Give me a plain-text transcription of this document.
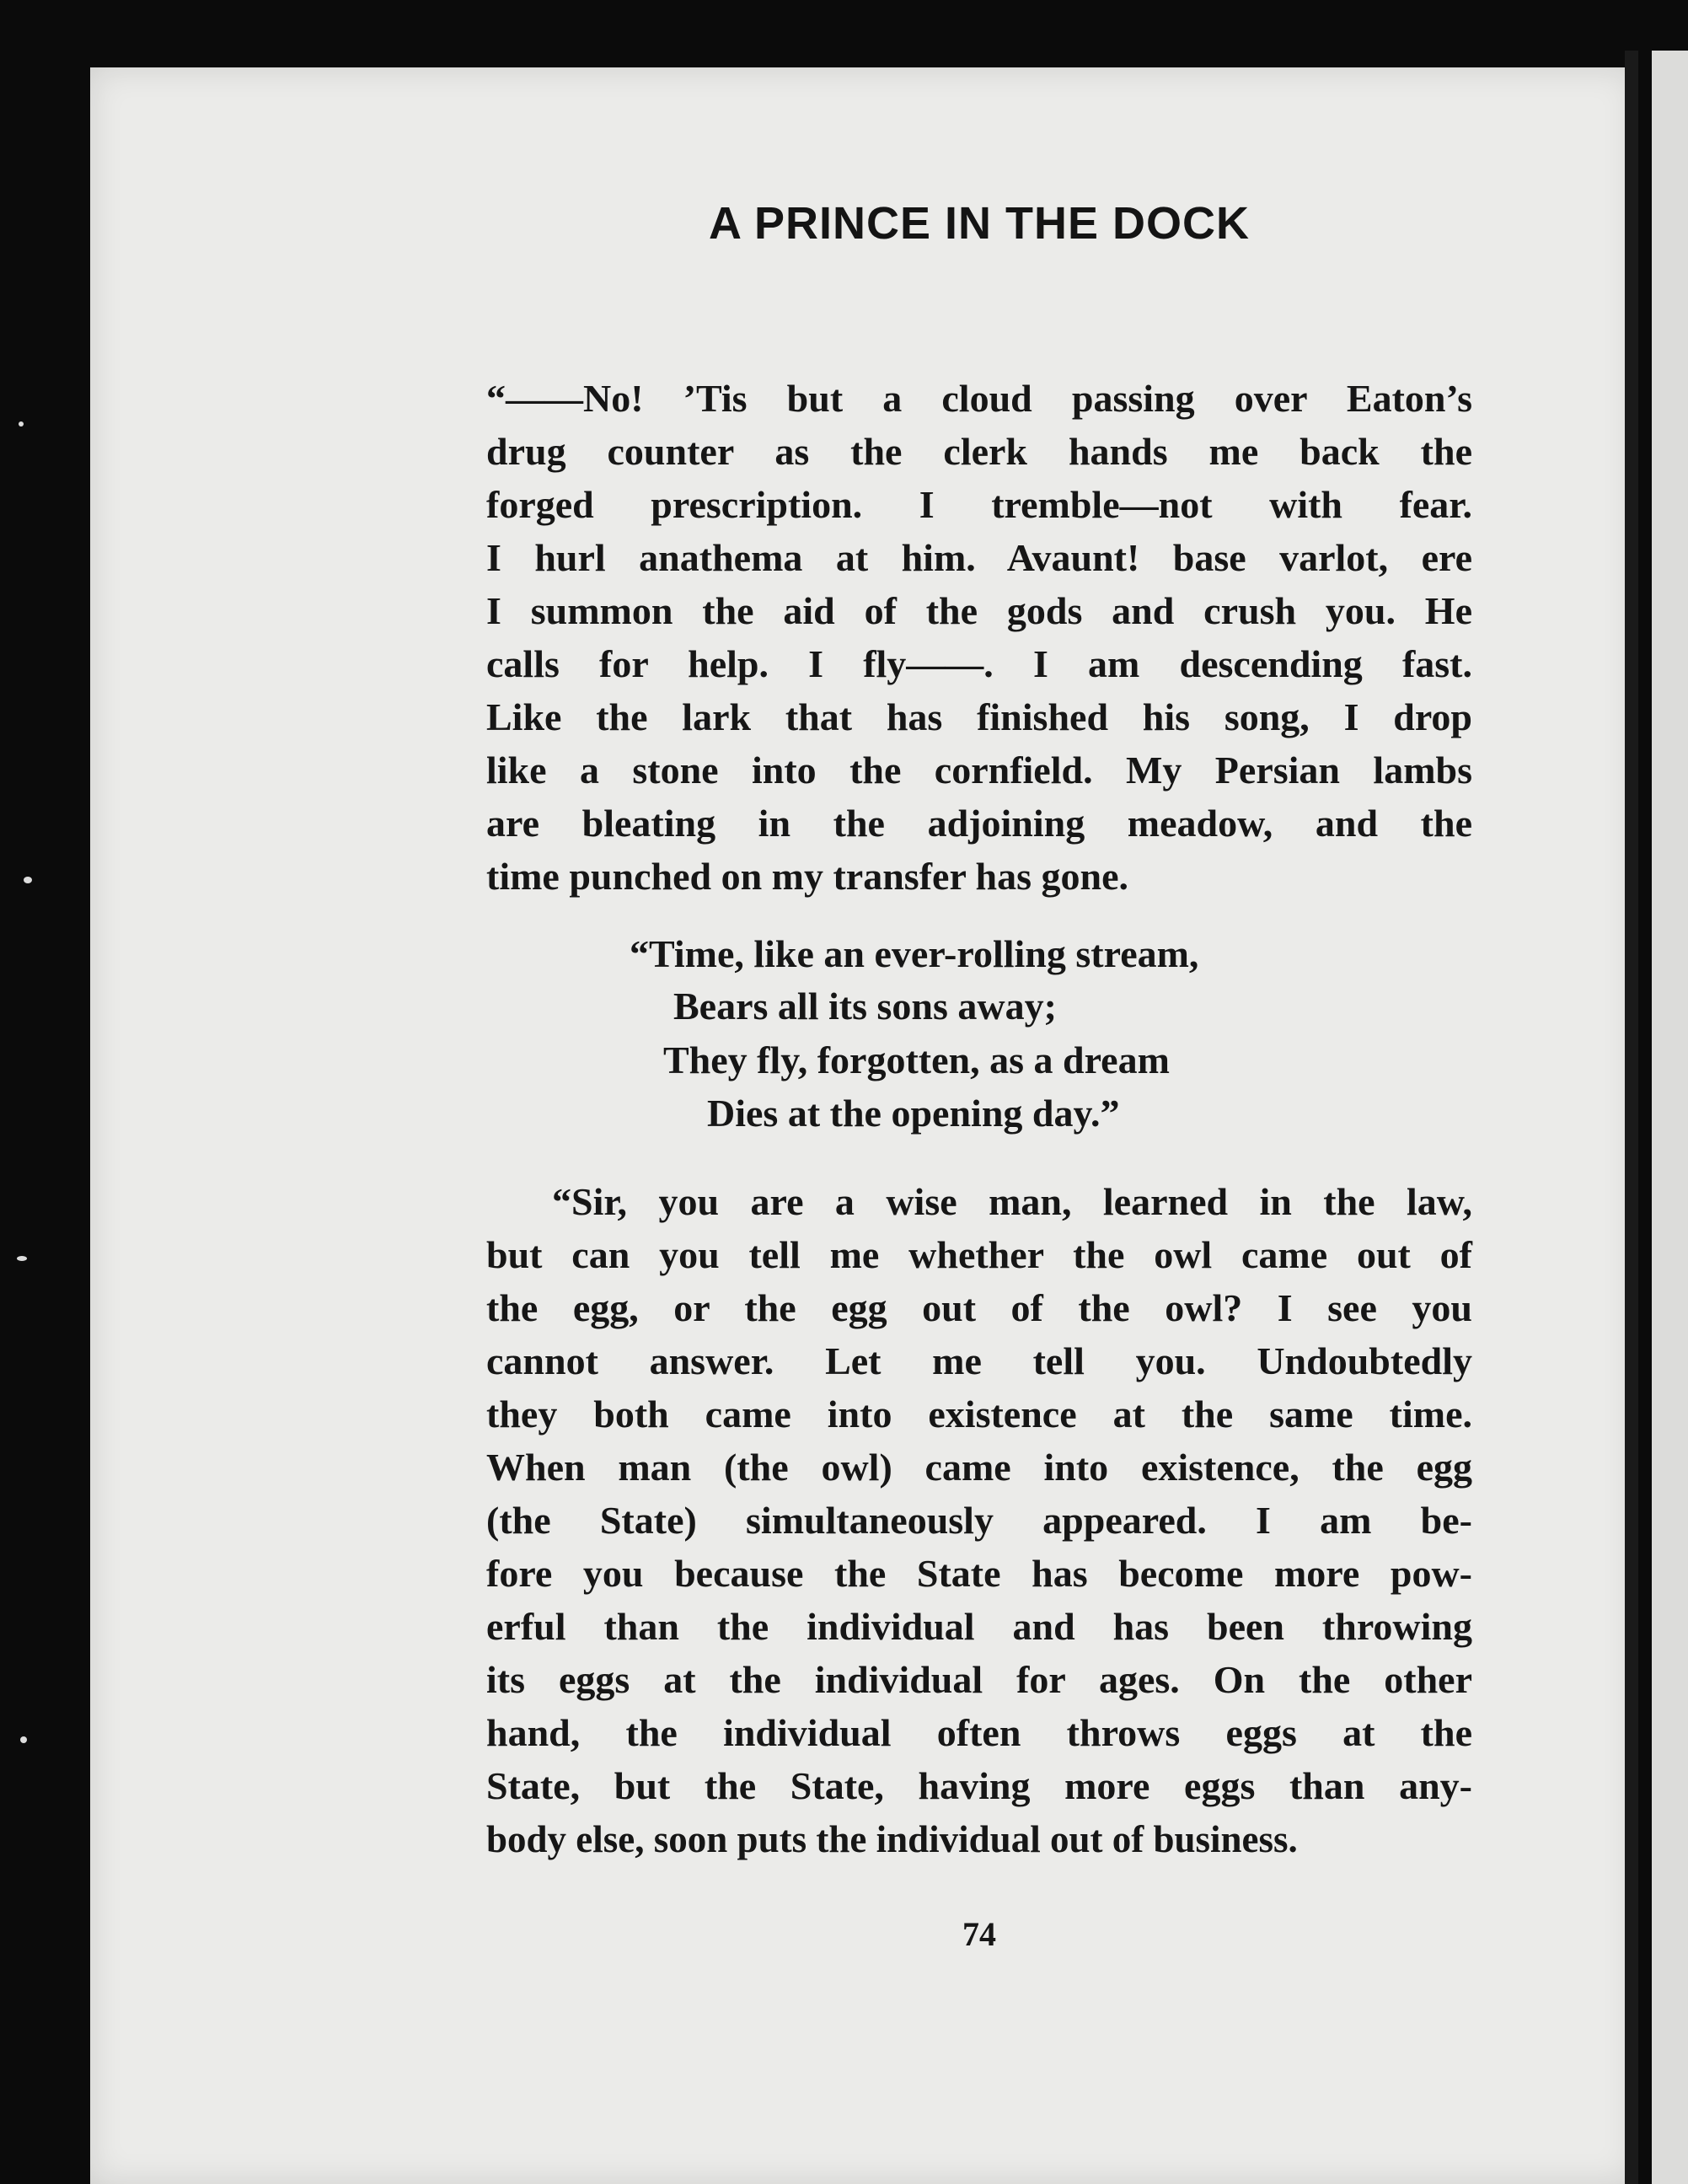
A PRINCE IN THE DOCK
“——No! ’Tis but a cloud passing over Eaton’s
drug counter as the clerk hands me back the
forged prescription. I tremble—not with fear.
I hurl anathema at him. Avaunt! base varlot, ere
I summon the aid of the gods and crush you. He
calls for help. I fly——. I am descending fast.
Like the lark that has finished his song, I drop
like a stone into the cornfield. My Persian lambs
are bleating in the adjoining meadow, and the
time punched on my transfer has gone.
“Time, like an ever-rolling stream,
Bears all its sons away;
They fly, forgotten, as a dream
Dies at the opening day.”
“Sir, you are a wise man, learned in the law,
but can you tell me whether the owl came out of
the egg, or the egg out of the owl? I see you
cannot answer. Let me tell you. Undoubtedly
they both came into existence at the same time.
When man (the owl) came into existence, the egg
(the State) simultaneously appeared. I am be-
fore you because the State has become more pow-
erful than the individual and has been throwing
its eggs at the individual for ages. On the other
hand, the individual often throws eggs at the
State, but the State, having more eggs than any-
body else, soon puts the individual out of business.
74
